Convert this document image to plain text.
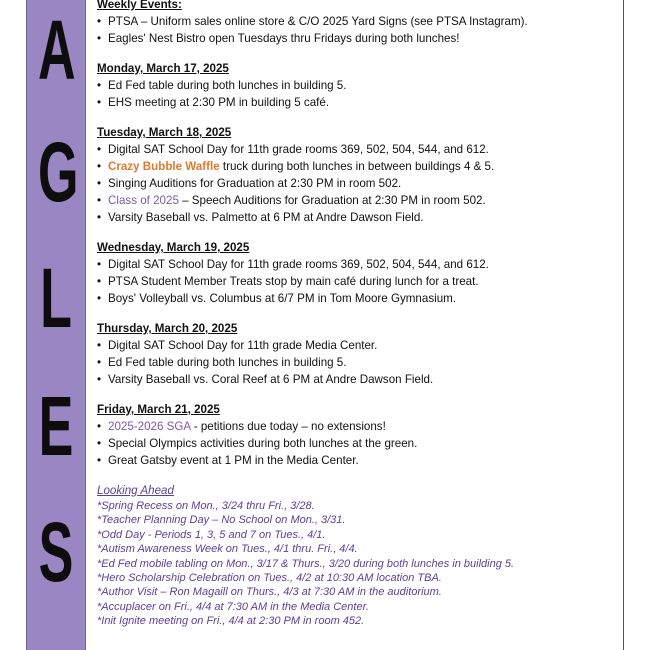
A
G
L
E
S
Weekly Events:
• PTSA – Uniform sales online store & C/O 2025 Yard Signs (see PTSA Instagram).
• Eagles' Nest Bistro open Tuesdays thru Fridays during both lunches!
Monday, March 17, 2025
• Ed Fed table during both lunches in building 5.
• EHS meeting at 2:30 PM in building 5 café.
Tuesday, March 18, 2025
• Digital SAT School Day for 11th grade rooms 369, 502, 504, 544, and 612.
• Crazy Bubble Waffle truck during both lunches in between buildings 4 & 5.
• Singing Auditions for Graduation at 2:30 PM in room 502.
• Class of 2025 – Speech Auditions for Graduation at 2:30 PM in room 502.
• Varsity Baseball vs. Palmetto at 6 PM at Andre Dawson Field.
Wednesday, March 19, 2025
• Digital SAT School Day for 11th grade rooms 369, 502, 504, 544, and 612.
• PTSA Student Member Treats stop by main café during lunch for a treat.
• Boys' Volleyball vs. Columbus at 6/7 PM in Tom Moore Gymnasium.
Thursday, March 20, 2025
• Digital SAT School Day for 11th grade Media Center.
• Ed Fed table during both lunches in building 5.
• Varsity Baseball vs. Coral Reef at 6 PM at Andre Dawson Field.
Friday, March 21, 2025
• 2025-2026 SGA - petitions due today – no extensions!
• Special Olympics activities during both lunches at the green.
• Great Gatsby event at 1 PM in the Media Center.
Looking Ahead
*Spring Recess on Mon., 3/24 thru Fri., 3/28.
*Teacher Planning Day – No School on Mon., 3/31.
*Odd Day - Periods 1, 3, 5 and 7 on Tues., 4/1.
*Autism Awareness Week on Tues., 4/1 thru. Fri., 4/4.
*Ed Fed mobile tabling on Mon., 3/17 & Thurs., 3/20 during both lunches in building 5.
*Hero Scholarship Celebration on Tues., 4/2 at 10:30 AM location TBA.
*Author Visit – Ron Magaill on Thurs., 4/3 at 7:30 AM in the auditorium.
*Accuplacer on Fri., 4/4 at 7:30 AM in the Media Center.
*Init Ignite meeting on Fri., 4/4 at 2:30 PM in room 452.
